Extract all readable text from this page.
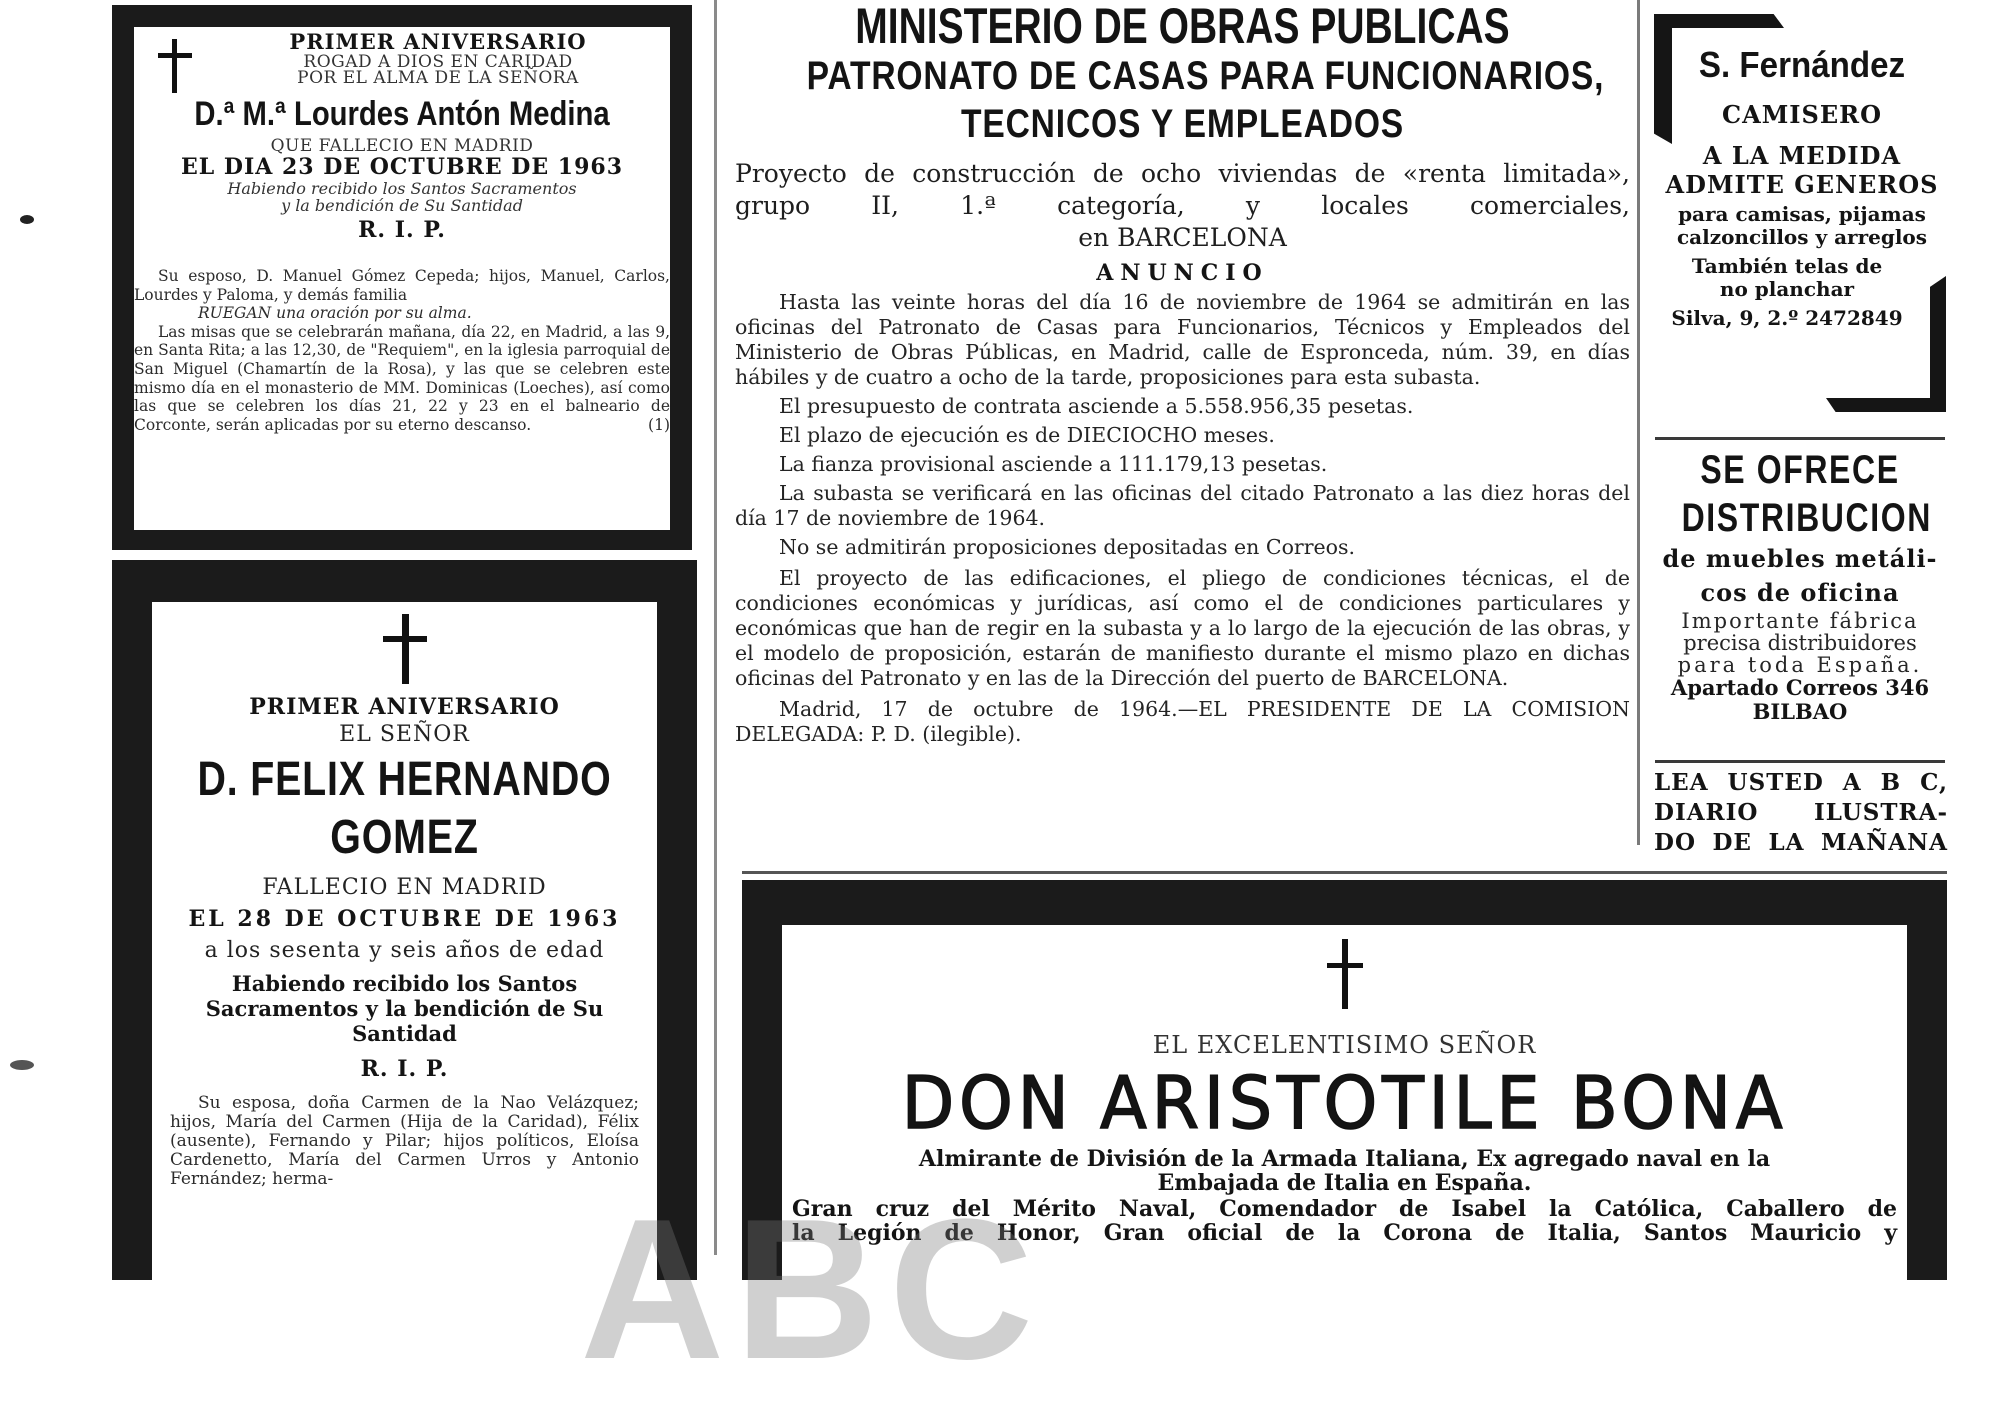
PRIMER ANIVERSARIO
ROGAD A DIOS EN CARIDAD
POR EL ALMA DE LA SEÑORA
D.ª M.ª Lourdes Antón Medina
QUE FALLECIO EN MADRID
EL DIA 23 DE OCTUBRE DE 1963
Habiendo recibido los Santos Sacramentos
y la bendición de Su Santidad
R. I. P.

Su esposo, D. Manuel Gómez Cepeda; hijos, Manuel, Carlos, Lourdes y Paloma, y demás familia

RUEGAN una oración por su alma.

Las misas que se celebrarán mañana, día 22, en Madrid, a las 9, en Santa Rita; a las 12,30, de "Requiem", en la iglesia parroquial de San Miguel (Chamartín de la Rosa), y las que se celebren este mismo día en el monasterio de MM. Dominicas (Loeches), así como las que se celebren los días 21, 22 y 23 en el balneario de Corconte, serán aplicadas por su eterno descanso.	(1)

PRIMER ANIVERSARIO
EL SEÑOR
D. FELIX HERNANDO
GOMEZ
FALLECIO EN MADRID
EL 28 DE OCTUBRE DE 1963
a los sesenta y seis años de edad
Habiendo recibido los Santos Sacramentos y la bendición de Su Santidad
R. I. P.

Su esposa, doña Carmen de la Nao Velázquez; hijos, María del Carmen (Hija de la Caridad), Félix (ausente), Fernando y Pilar; hijos políticos, Eloísa Cardenetto, María del Carmen Urros y Antonio Fernández; herma-

MINISTERIO DE OBRAS PUBLICAS
PATRONATO DE CASAS PARA FUNCIONARIOS,
TECNICOS Y EMPLEADOS

Proyecto de construcción de ocho viviendas de «renta limitada», grupo II, 1.ª categoría, y locales comerciales,

en BARCELONA

ANUNCIO

Hasta las veinte horas del día 16 de noviembre de 1964 se admitirán en las oficinas del Patronato de Casas para Funcionarios, Técnicos y Empleados del Ministerio de Obras Públicas, en Madrid, calle de Espronceda, núm. 39, en días hábiles y de cuatro a ocho de la tarde, proposiciones para esta subasta.

El presupuesto de contrata asciende a 5.558.956,35 pesetas.

El plazo de ejecución es de DIECIOCHO meses.

La fianza provisional asciende a 111.179,13 pesetas.

La subasta se verificará en las oficinas del citado Patronato a las diez horas del día 17 de noviembre de 1964.

No se admitirán proposiciones depositadas en Correos.

El proyecto de las edificaciones, el pliego de condiciones técnicas, el de condiciones económicas y jurídicas, así como el de condiciones particulares y económicas que han de regir en la subasta y a lo largo de la ejecución de las obras, y el modelo de proposición, estarán de manifiesto durante el mismo plazo en dichas oficinas del Patronato y en las de la Dirección del puerto de BARCELONA.

Madrid, 17 de octubre de 1964.—EL PRESIDENTE DE LA COMISION DELEGADA: P. D. (ilegible).

S. Fernández
CAMISERO
A LA MEDIDA
ADMITE GENEROS
para camisas, pijamas
calzoncillos y arreglos
También telas de
no planchar
Silva, 9, 2.º 2472849
SE OFRECE
DISTRIBUCION
de muebles metáli-
cos de oficina
Importante fábrica
precisa distribuidores
para toda España.
Apartado Correos 346
BILBAO
LEA USTED A B C,
DIARIO ILUSTRA-
DO DE LA MAÑANA
EL EXCELENTISIMO SEÑOR
DON ARISTOTILE BONA
Almirante de División de la Armada Italiana, Ex agregado naval en la
Embajada de Italia en España.
Gran cruz del Mérito Naval, Comendador de Isabel la Católica, Caballero de
la Legión de Honor, Gran oficial de la Corona de Italia, Santos Mauricio y
ABC
